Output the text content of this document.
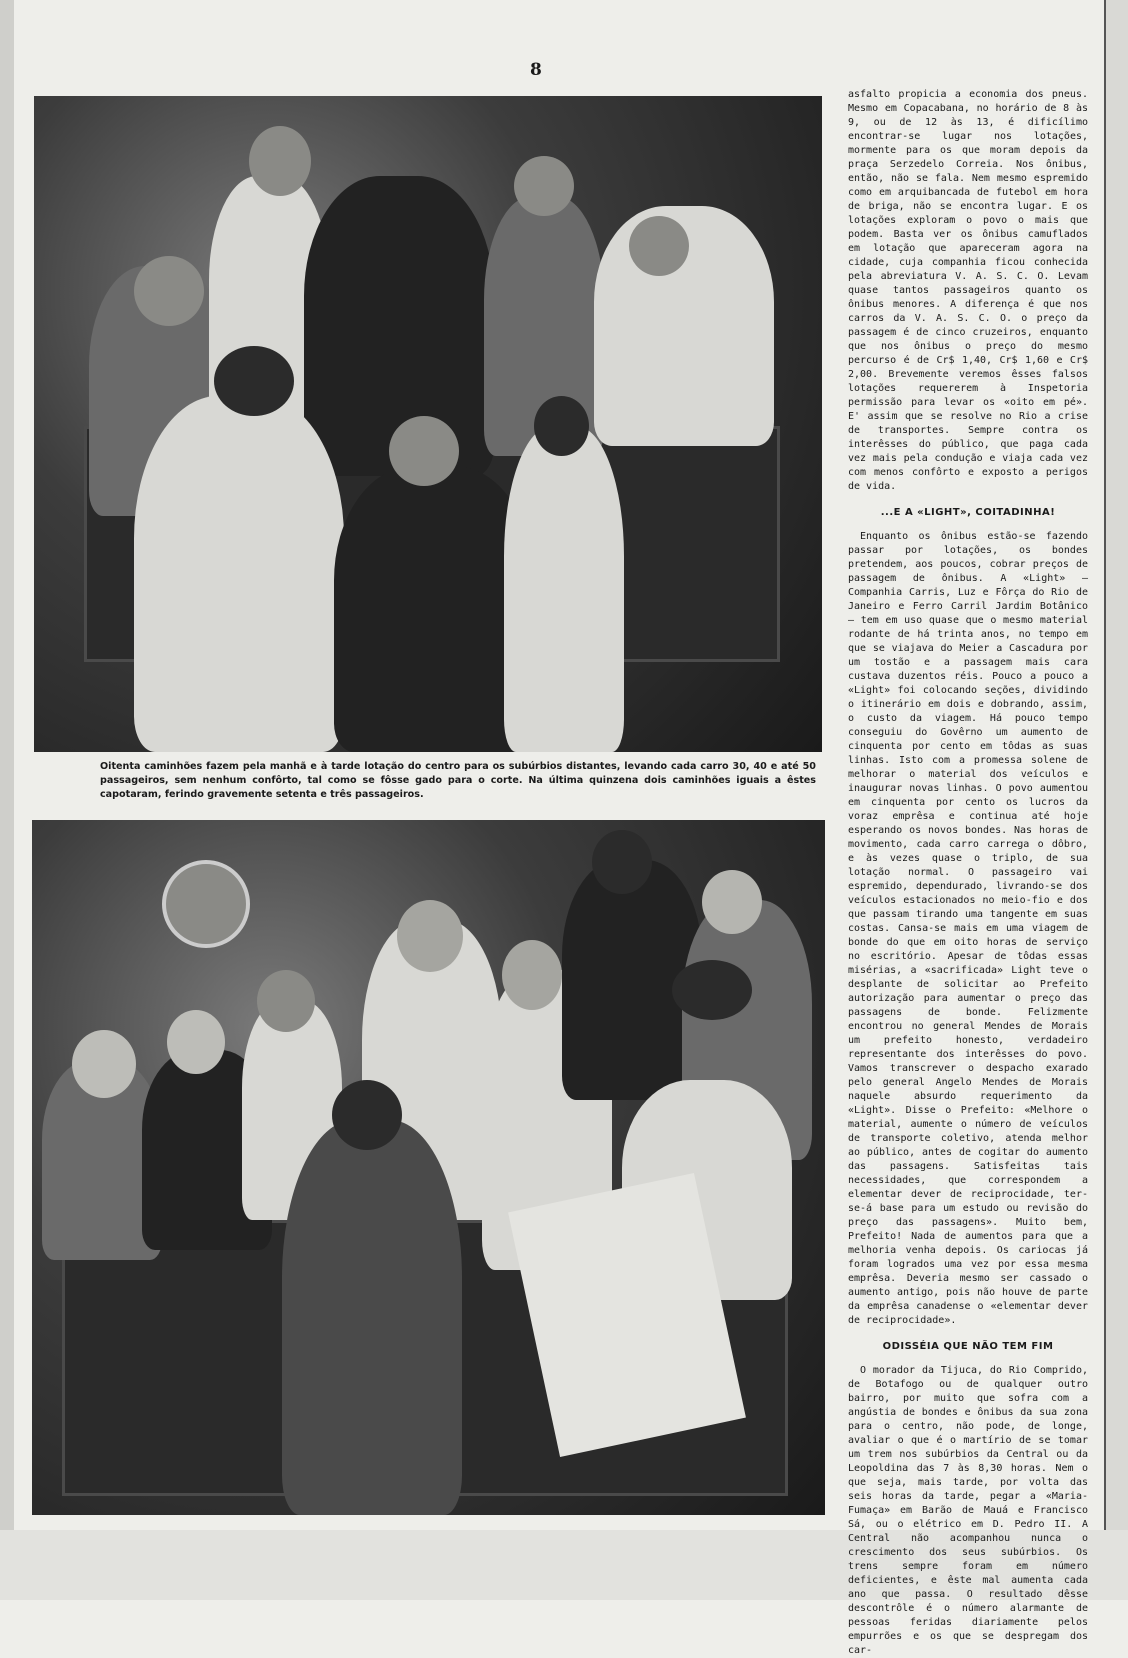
8

Oitenta caminhões fazem pela manhã e à tarde lotação do centro para os subúrbios distantes, levando cada carro 30, 40 e até 50 passageiros, sem nenhum confôrto, tal como se fôsse gado para o corte. Na última quinzena dois caminhões iguais a êstes capotaram, ferindo gravemente setenta e três passageiros.

asfalto propicia a economia dos pneus. Mesmo em Copacabana, no horário de 8 às 9, ou de 12 às 13, é dificílimo encontrar-se lugar nos lotações, mormente para os que moram depois da praça Serzedelo Correia. Nos ônibus, então, não se fala. Nem mesmo espremido como em arquibancada de futebol em hora de briga, não se encontra lugar. E os lotações exploram o povo o mais que podem. Basta ver os ônibus camuflados em lotação que apareceram agora na cidade, cuja companhia ficou conhecida pela abreviatura V. A. S. C. O. Levam quase tantos passageiros quanto os ônibus menores. A diferença é que nos carros da V. A. S. C. O. o preço da passagem é de cinco cruzeiros, enquanto que nos ônibus o preço do mesmo percurso é de Cr$ 1,40, Cr$ 1,60 e Cr$ 2,00. Brevemente veremos êsses falsos lotações requererem à Inspetoria permissão para levar os «oito em pé». E' assim que se resolve no Rio a crise de transportes. Sempre contra os interêsses do público, que paga cada vez mais pela condução e viaja cada vez com menos confôrto e exposto a perigos de vida.

...E A «LIGHT», COITADINHA!

Enquanto os ônibus estão-se fazendo passar por lotações, os bondes pretendem, aos poucos, cobrar preços de passagem de ônibus. A «Light» — Companhia Carris, Luz e Fôrça do Rio de Janeiro e Ferro Carril Jardim Botânico — tem em uso quase que o mesmo material rodante de há trinta anos, no tempo em que se viajava do Meier a Cascadura por um tostão e a passagem mais cara custava duzentos réis. Pouco a pouco a «Light» foi colocando seções, dividindo o itinerário em dois e dobrando, assim, o custo da viagem. Há pouco tempo conseguiu do Govêrno um aumento de cinquenta por cento em tôdas as suas linhas. Isto com a promessa solene de melhorar o material dos veículos e inaugurar novas linhas. O povo aumentou em cinquenta por cento os lucros da voraz emprêsa e continua até hoje esperando os novos bondes. Nas horas de movimento, cada carro carrega o dôbro, e às vezes quase o triplo, de sua lotação normal. O passageiro vai espremido, dependurado, livrando-se dos veículos estacionados no meio-fio e dos que passam tirando uma tangente em suas costas. Cansa-se mais em uma viagem de bonde do que em oito horas de serviço no escritório. Apesar de tôdas essas misérias, a «sacrificada» Light teve o desplante de solicitar ao Prefeito autorização para aumentar o preço das passagens de bonde. Felizmente encontrou no general Mendes de Morais um prefeito honesto, verdadeiro representante dos interêsses do povo. Vamos transcrever o despacho exarado pelo general Angelo Mendes de Morais naquele absurdo requerimento da «Light». Disse o Prefeito: «Melhore o material, aumente o número de veículos de transporte coletivo, atenda melhor ao público, antes de cogitar do aumento das passagens. Satisfeitas tais necessidades, que correspondem a elementar dever de reciprocidade, ter-se-á base para um estudo ou revisão do preço das passagens». Muito bem, Prefeito! Nada de aumentos para que a melhoria venha depois. Os cariocas já foram logrados uma vez por essa mesma emprêsa. Deveria mesmo ser cassado o aumento antigo, pois não houve de parte da emprêsa canadense o «elementar dever de reciprocidade».

ODISSÉIA QUE NÃO TEM FIM

O morador da Tijuca, do Rio Comprido, de Botafogo ou de qualquer outro bairro, por muito que sofra com a angústia de bondes e ônibus da sua zona para o centro, não pode, de longe, avaliar o que é o martírio de se tomar um trem nos subúrbios da Central ou da Leopoldina das 7 às 8,30 horas. Nem o que seja, mais tarde, por volta das seis horas da tarde, pegar a «Maria-Fumaça» em Barão de Mauá e Francisco Sá, ou o elétrico em D. Pedro II. A Central não acompanhou nunca o crescimento dos seus subúrbios. Os trens sempre foram em número deficientes, e êste mal aumenta cada ano que passa. O resultado dêsse descontrôle é o número alarmante de pessoas feridas diariamente pelos empurrões e os que se despregam dos car-
